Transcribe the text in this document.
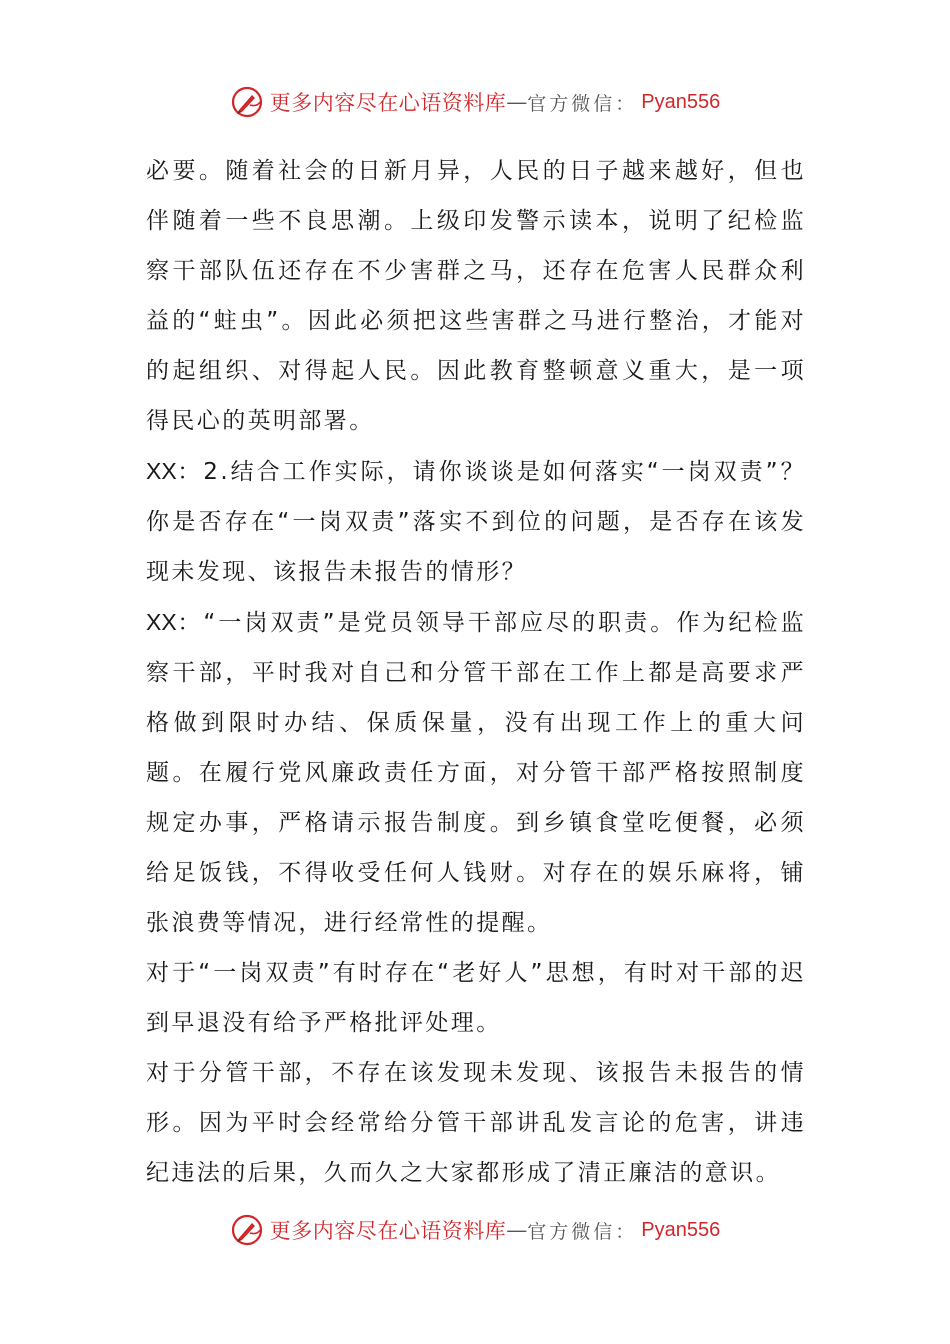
更多内容尽在心语资料库 — 官方微信： Pyan556

必要。随着社会的日新月异，人民的日子越来越好，但也伴随着一些不良思潮。上级印发警示读本，说明了纪检监察干部队伍还存在不少害群之马，还存在危害人民群众利益的“蛀虫”。因此必须把这些害群之马进行整治，才能对的起组织、对得起人民。因此教育整顿意义重大，是一项得民心的英明部署。

XX：2.结合工作实际，请你谈谈是如何落实“一岗双责”？你是否存在“一岗双责”落实不到位的问题，是否存在该发现未发现、该报告未报告的情形？

XX：“一岗双责”是党员领导干部应尽的职责。作为纪检监察干部，平时我对自己和分管干部在工作上都是高要求严格做到限时办结、保质保量，没有出现工作上的重大问题。在履行党风廉政责任方面，对分管干部严格按照制度规定办事，严格请示报告制度。到乡镇食堂吃便餐，必须给足饭钱，不得收受任何人钱财。对存在的娱乐麻将，铺张浪费等情况，进行经常性的提醒。

对于“一岗双责”有时存在“老好人”思想，有时对干部的迟到早退没有给予严格批评处理。

对于分管干部，不存在该发现未发现、该报告未报告的情形。因为平时会经常给分管干部讲乱发言论的危害，讲违纪违法的后果，久而久之大家都形成了清正廉洁的意识。

更多内容尽在心语资料库 — 官方微信： Pyan556
